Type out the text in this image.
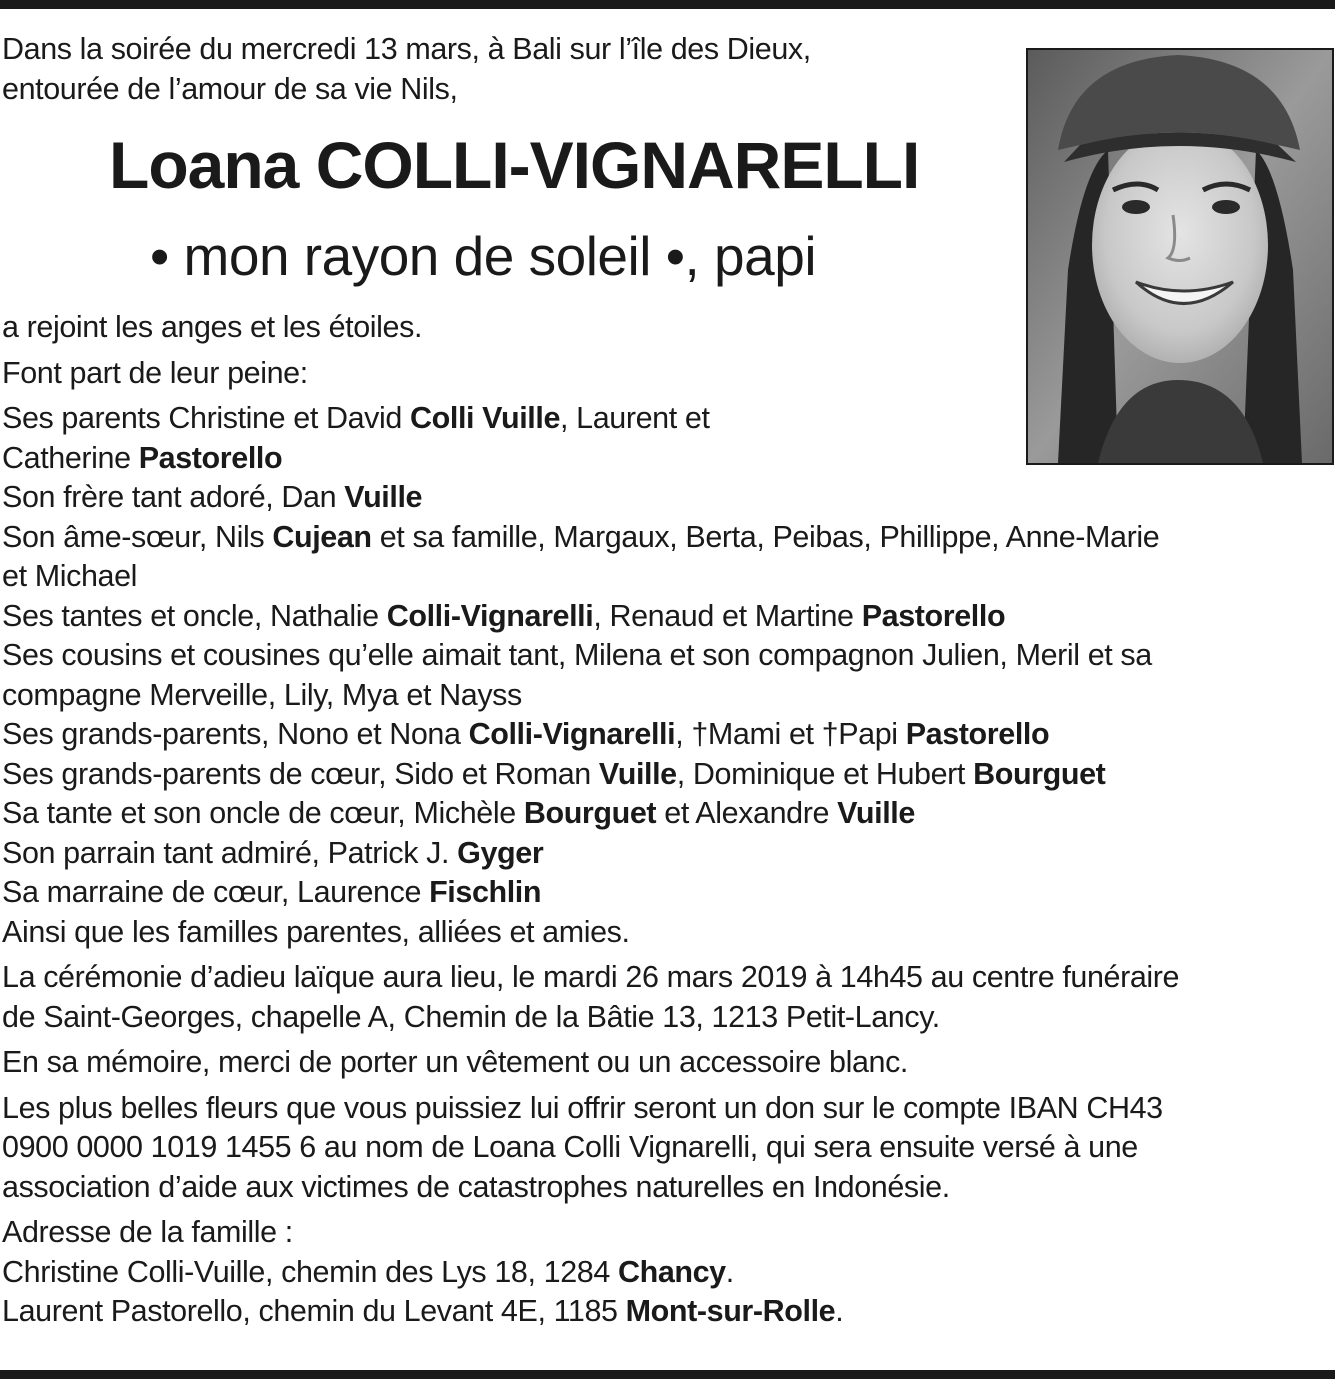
Dans la soirée du mercredi 13 mars, à Bali sur l’île des Dieux,
entourée de l’amour de sa vie Nils,
Loana COLLI-VIGNARELLI
• mon rayon de soleil •, papi
a rejoint les anges et les étoiles.
Font part de leur peine:
Ses parents Christine et David Colli Vuille, Laurent et
Catherine Pastorello
Son frère tant adoré, Dan Vuille
Son âme-sœur, Nils Cujean et sa famille, Margaux, Berta, Peibas, Phillippe, Anne-Marie
et Michael
Ses tantes et oncle, Nathalie Colli-Vignarelli, Renaud et Martine Pastorello
Ses cousins et cousines qu’elle aimait tant, Milena et son compagnon Julien, Meril et sa
compagne Merveille, Lily, Mya et Nayss
Ses grands-parents, Nono et Nona Colli-Vignarelli, †Mami et †Papi Pastorello
Ses grands-parents de cœur, Sido et Roman Vuille, Dominique et Hubert Bourguet
Sa tante et son oncle de cœur, Michèle Bourguet et Alexandre Vuille
Son parrain tant admiré, Patrick J. Gyger
Sa marraine de cœur, Laurence Fischlin
Ainsi que les familles parentes, alliées et amies.
La cérémonie d’adieu laïque aura lieu, le mardi 26 mars 2019 à 14h45 au centre funéraire
de Saint-Georges, chapelle A, Chemin de la Bâtie 13, 1213 Petit-Lancy.
En sa mémoire, merci de porter un vêtement ou un accessoire blanc.
Les plus belles fleurs que vous puissiez lui offrir seront un don sur le compte IBAN CH43
0900 0000 1019 1455 6 au nom de Loana Colli Vignarelli, qui sera ensuite versé à une
association d’aide aux victimes de catastrophes naturelles en Indonésie.
Adresse de la famille :
Christine Colli-Vuille, chemin des Lys 18, 1284 Chancy.
Laurent Pastorello, chemin du Levant 4E, 1185 Mont-sur-Rolle.
